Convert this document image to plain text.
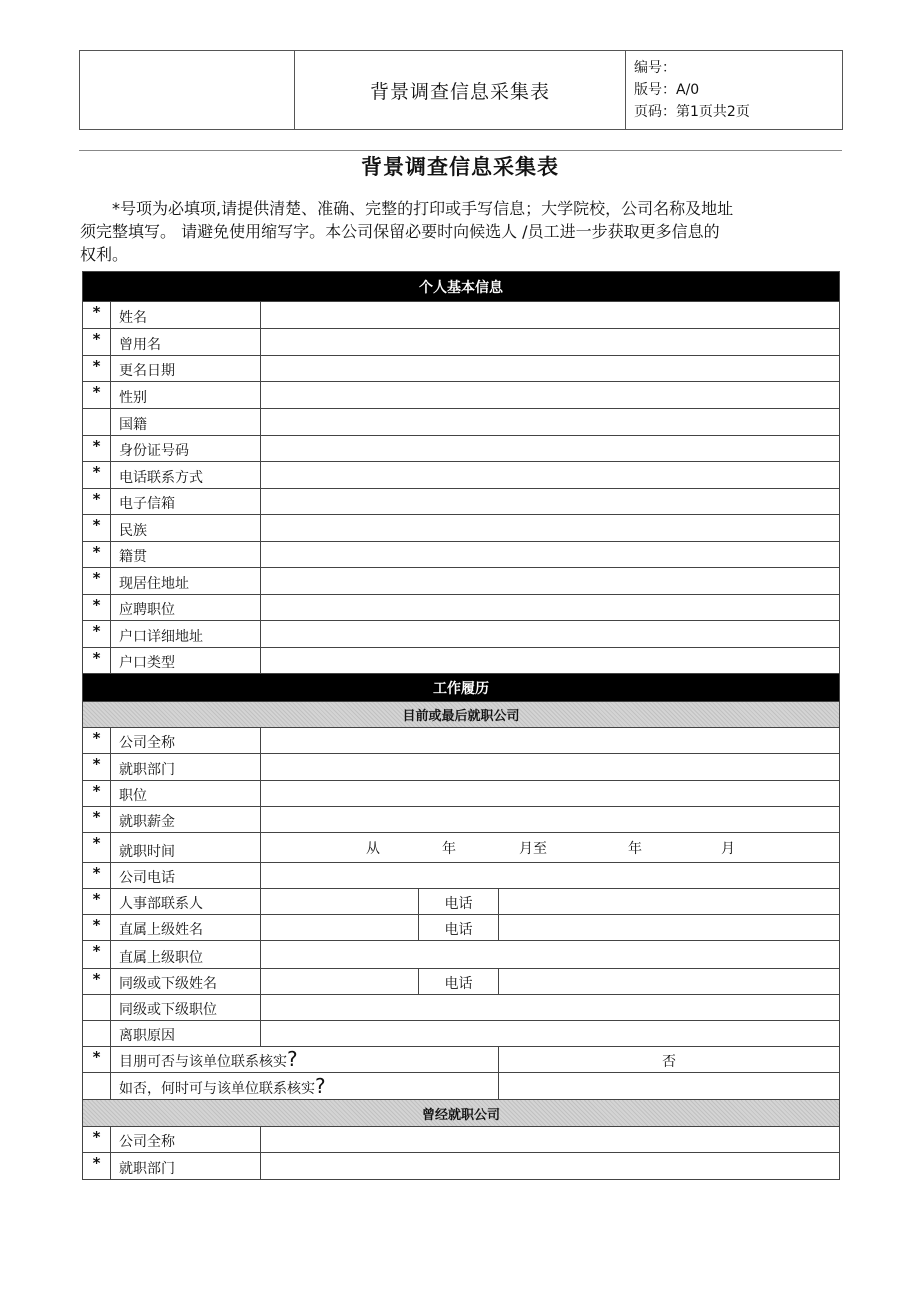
	背景调查信息采集表	
编号：
版号：A/0
页码：第1页共2页
背景调查信息采集表

*号项为必填项,请提供清楚、准确、完整的打印或手写信息；大学院校，公司名称及地址
须完整填写。 请避免使用缩写字。本公司保留必要时向候选人 /员工进一步获取更多信息的
权利。

个人基本信息				
*	姓名			
*	曾用名			
*	更名日期			
*	性别			
	国籍			
*	身份证号码			
*	电话联系方式			
*	电子信箱			
*	民族			
*	籍贯			
*	现居住地址			
*	应聘职位			
*	户口详细地址			
*	户口类型			
工作履历				
目前或最后就职公司				
*	公司全称			
*	就职部门			
*	职位			
*	就职薪金			
*	就职时间	从 年 月至 年 月		

*	公司电话			
*	人事部联系人		电话	
*	直属上级姓名		电话	
*	直属上级职位			
*	同级或下级姓名		电话	
	同级或下级职位			
	离职原因			
*	目朋可否与该单位联系核实?			否
	如否，何时可与该单位联系核实?			
曾经就职公司				
*	公司全称			
*	就职部门			
